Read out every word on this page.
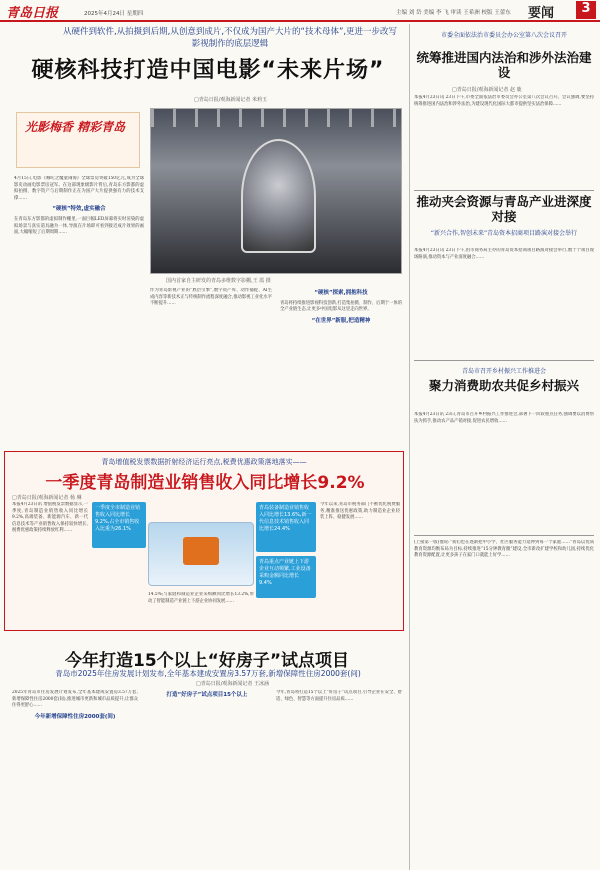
青岛日报	2025年4月24日 星期四	主编 刘 岱 美编 李 飞 审读 王希洲 校版 王蕾东 要闻	3
从硬件到软件,从拍摄到后期,从创意到成片,不仅成为国产大片的“技术母体”,更进一步改写影视制作的底层逻辑
硬核科技打造中国电影“未来片场”
□青岛日报/观海新闻记者 米莉玉
光影梅香 精彩青岛
4月15日,电影《哪吒之魔童闹海》全球票房突破150亿元,成为全球影史动画电影票房冠军。在这部现象级影片背后,青岛东方影都的虚拟拍摄、数字资产与后期制作正在为国产大片提供强有力的技术支撑……
“硬核”特效,虚实融合
在青岛东方影都的虚拟制作棚里,一面巨幅LED屏幕将实时渲染的虚拟场景与真实道具融为一体,导演在片场即可看到接近成片效果的画面,大幅缩短了后期周期……
国内首家自主研发的青岛多维数字影棚,王 霞 摄
作为青岛影视产业的“底层引擎”,数字资产库、动作捕捉、AI生成内容等新技术正与传统制作流程深度融合,推动影视工业化水平不断提升……
“硬核”探索,拥抱科技
青岛将持续推进影视科技创新,打造集拍摄、制作、后期于一体的全产业链生态,让更多中国电影从这里走向世界。
“在世界”新服,把造精神
市委全面依法治市委员会办公室第八次会议召开
统筹推进国内法治和涉外法治建设
□青岛日报/观海新闻记者 赵 鹿
本报4月23日讯 23日下午,市委全面依法治市委员会办公室第八次会议召开。会议强调,要坚持统筹推进国内法治和涉外法治,为建设现代化国际大都市提供坚实法治保障……
推动夹会资源与青岛产业进深度对接
“新兴合作,智创未来”青岛资本招商项目路演对接会举行
本报4月23日讯 23日下午,由市商务局主办的青岛资本招商项目路演对接会举行,数十个项目现场路演,推动资本与产业深度融合……
青岛市召开乡村振兴工作推进会
聚力消费助农共促乡村振兴
本报4月23日讯 23日,青岛市召开乡村振兴工作推进会,部署下一阶段重点任务,强调要以消费帮扶为抓手,推动农产品产销对接,促进农民增收……
(上接第一版)他说:“我们也在逐渐把中小学、社区服务能力延伸到每一个家庭……”青岛以优质教育资源均衡布局为目标,持续推进“15分钟教育圈”建设,全市新改扩建学校和幼儿园,持续优化教育资源配置,让更多孩子在家门口就能上好学……
青岛增值税发票数据折射经济运行亮点,税费优惠政策落地落实——
一季度青岛制造业销售收入同比增长9.2%
□青岛日报/观海新闻记者 杨 琳
本报4月23日讯 增值税发票数据显示,一季度,青岛制造业销售收入同比增长9.2%,高端装备、新能源汽车、新一代信息技术等产业销售收入保持较快增长,税费优惠政策持续释放红利……
一季度全市制造业销售收入同比增长9.2%,占全市销售收入比重为26.1%
青岛装备制造业销售收入同比增长13.6%,新一代信息技术销售收入同比增长24.4%
青岛重点产业链上下游企业互动频繁,工业设备采购金额同比增长 9.4%
14.5%;与家庭和制造业企业采购额同比增长13.2%,带动了智能制造产业链上下游企业协同发展……
今年以来,青岛市税务部门不断优化税费服务,精准推送优惠政策,助力制造业企业轻装上阵、稳健发展……
今年打造15个以上“好房子”试点项目
青岛市2025年住房发展计划发布,全年基本建成安置房3.57万套,新增保障性住房2000套(间)
□青岛日报/观海新闻记者 王冰涵
2025年青岛市住房发展计划发布,全年基本建成安置房3.57万套,新增保障性住房2000套(间),推进城市更新和城市品质提升,让群众住得更舒心……
今年新增保障性住房2000套(间)
打造“好房子”试点项目15个以上	今年,青岛将打造15个以上“好房子”试点项目,引导企业在安全、舒适、绿色、智慧等方面提升住房品质……
